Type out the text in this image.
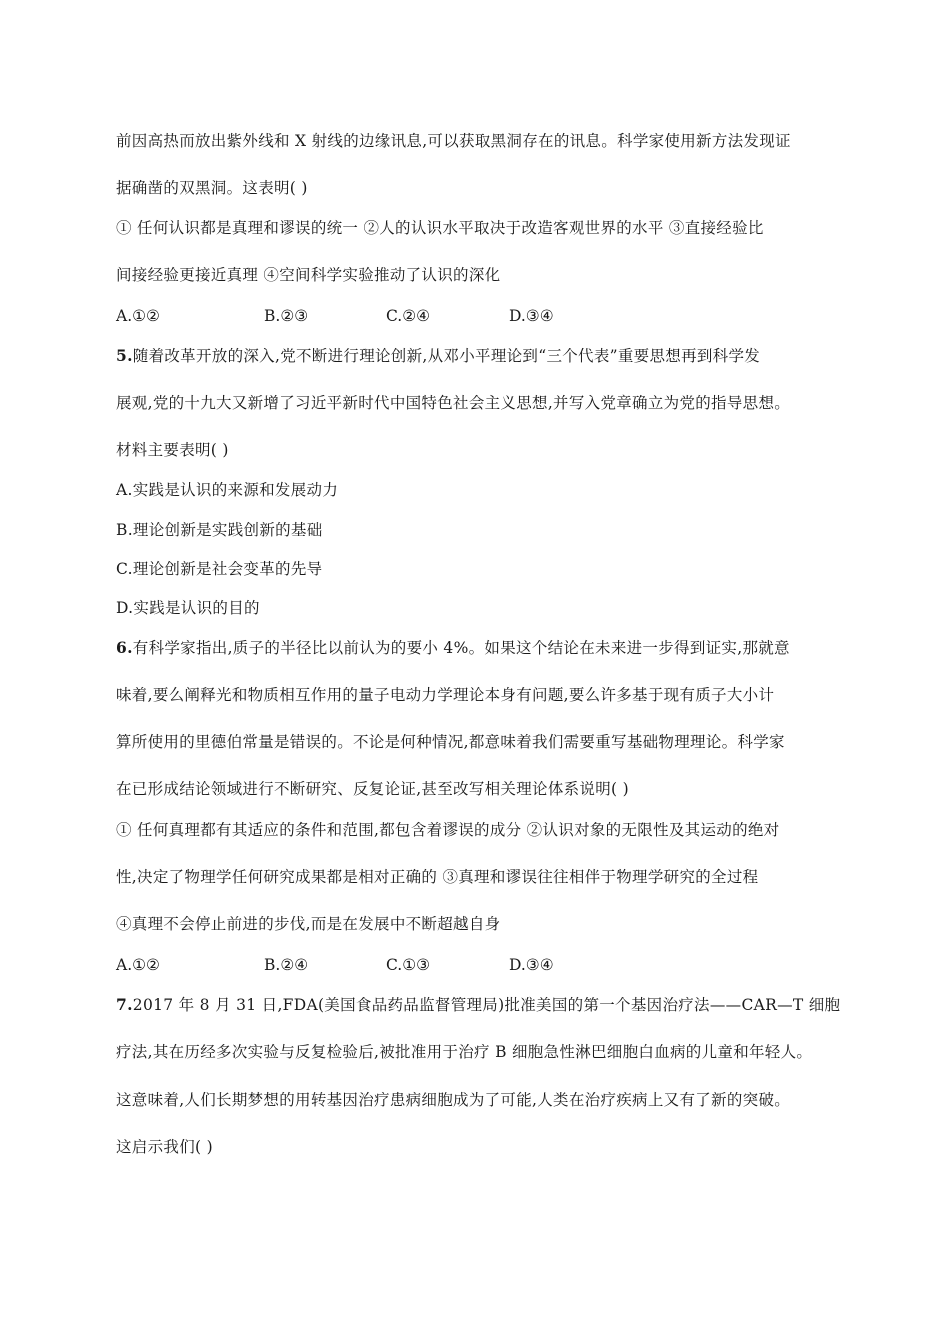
前因高热而放出紫外线和 X 射线的边缘讯息,可以获取黑洞存在的讯息。科学家使用新方法发现证
据确凿的双黑洞。这表明( )
① 任何认识都是真理和谬误的统一 ②人的认识水平取决于改造客观世界的水平 ③直接经验比
间接经验更接近真理 ④空间科学实验推动了认识的深化
A.①②	B.②③	C.②④	D.③④
5.随着改革开放的深入,党不断进行理论创新,从邓小平理论到“三个代表”重要思想再到科学发
展观,党的十九大又新增了习近平新时代中国特色社会主义思想,并写入党章确立为党的指导思想。
材料主要表明( )
A.实践是认识的来源和发展动力
B.理论创新是实践创新的基础
C.理论创新是社会变革的先导
D.实践是认识的目的
6.有科学家指出,质子的半径比以前认为的要小 4%。如果这个结论在未来进一步得到证实,那就意
味着,要么阐释光和物质相互作用的量子电动力学理论本身有问题,要么许多基于现有质子大小计
算所使用的里德伯常量是错误的。不论是何种情况,都意味着我们需要重写基础物理理论。科学家
在已形成结论领域进行不断研究、反复论证,甚至改写相关理论体系说明( )
① 任何真理都有其适应的条件和范围,都包含着谬误的成分 ②认识对象的无限性及其运动的绝对
性,决定了物理学任何研究成果都是相对正确的 ③真理和谬误往往相伴于物理学研究的全过程
④真理不会停止前进的步伐,而是在发展中不断超越自身
A.①②	B.②④	C.①③	D.③④
7.2017 年 8 月 31 日,FDA(美国食品药品监督管理局)批准美国的第一个基因治疗法——CAR—T 细胞
疗法,其在历经多次实验与反复检验后,被批准用于治疗 B 细胞急性淋巴细胞白血病的儿童和年轻人。
这意味着,人们长期梦想的用转基因治疗患病细胞成为了可能,人类在治疗疾病上又有了新的突破。
这启示我们( )
